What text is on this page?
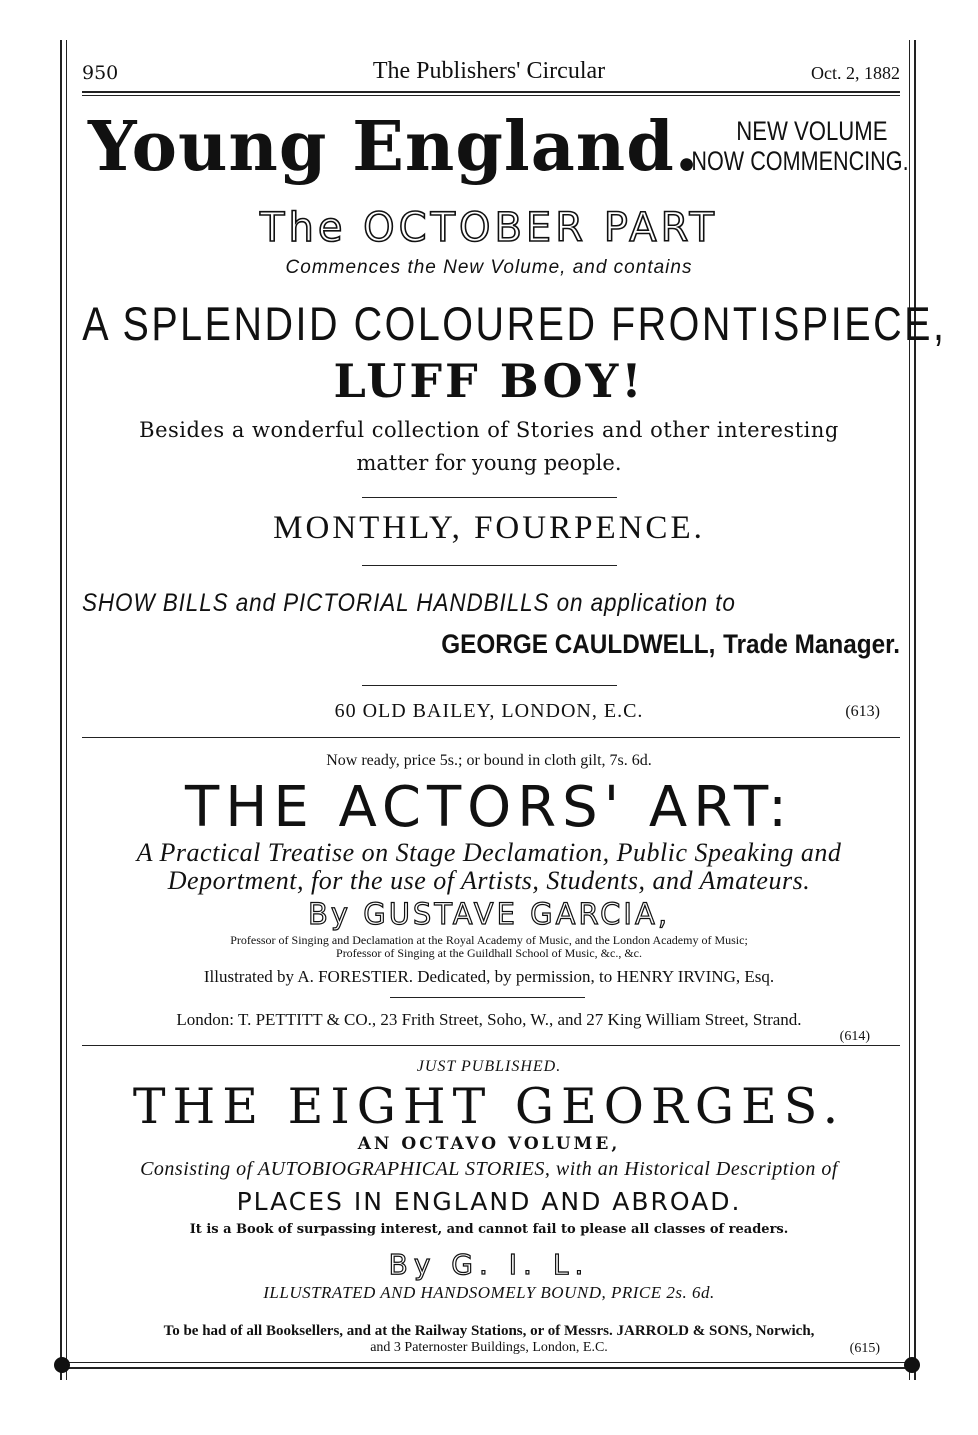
950	The Publishers' Circular	Oct. 2, 1882
Young England. NEW VOLUME
NOW COMMENCING.
The OCTOBER PART
Commences the New Volume, and contains
A SPLENDID COLOURED FRONTISPIECE,
LUFF BOY!
Besides a wonderful collection of Stories and other interesting
matter for young people.
MONTHLY, FOURPENCE.
SHOW BILLS and PICTORIAL HANDBILLS on application to
GEORGE CAULDWELL, Trade Manager.
60 OLD BAILEY, LONDON, E.C.	(613)
Now ready, price 5s.; or bound in cloth gilt, 7s. 6d.
THE ACTORS' ART:
A Practical Treatise on Stage Declamation, Public Speaking and
Deportment, for the use of Artists, Students, and Amateurs.
By GUSTAVE GARCIA,
Professor of Singing and Declamation at the Royal Academy of Music, and the London Academy of Music;
Professor of Singing at the Guildhall School of Music, &c., &c.
Illustrated by A. FORESTIER. Dedicated, by permission, to HENRY IRVING, Esq.
London: T. PETTITT & CO., 23 Frith Street, Soho, W., and 27 King William Street, Strand.
(614)
JUST PUBLISHED.
THE EIGHT GEORGES.
AN OCTAVO VOLUME,
Consisting of AUTOBIOGRAPHICAL STORIES, with an Historical Description of
PLACES IN ENGLAND AND ABROAD.
It is a Book of surpassing interest, and cannot fail to please all classes of readers.
By G. I. L.
ILLUSTRATED AND HANDSOMELY BOUND, PRICE 2s. 6d.
To be had of all Booksellers, and at the Railway Stations, or of Messrs. JARROLD & SONS, Norwich,
and 3 Paternoster Buildings, London, E.C.	(615)
